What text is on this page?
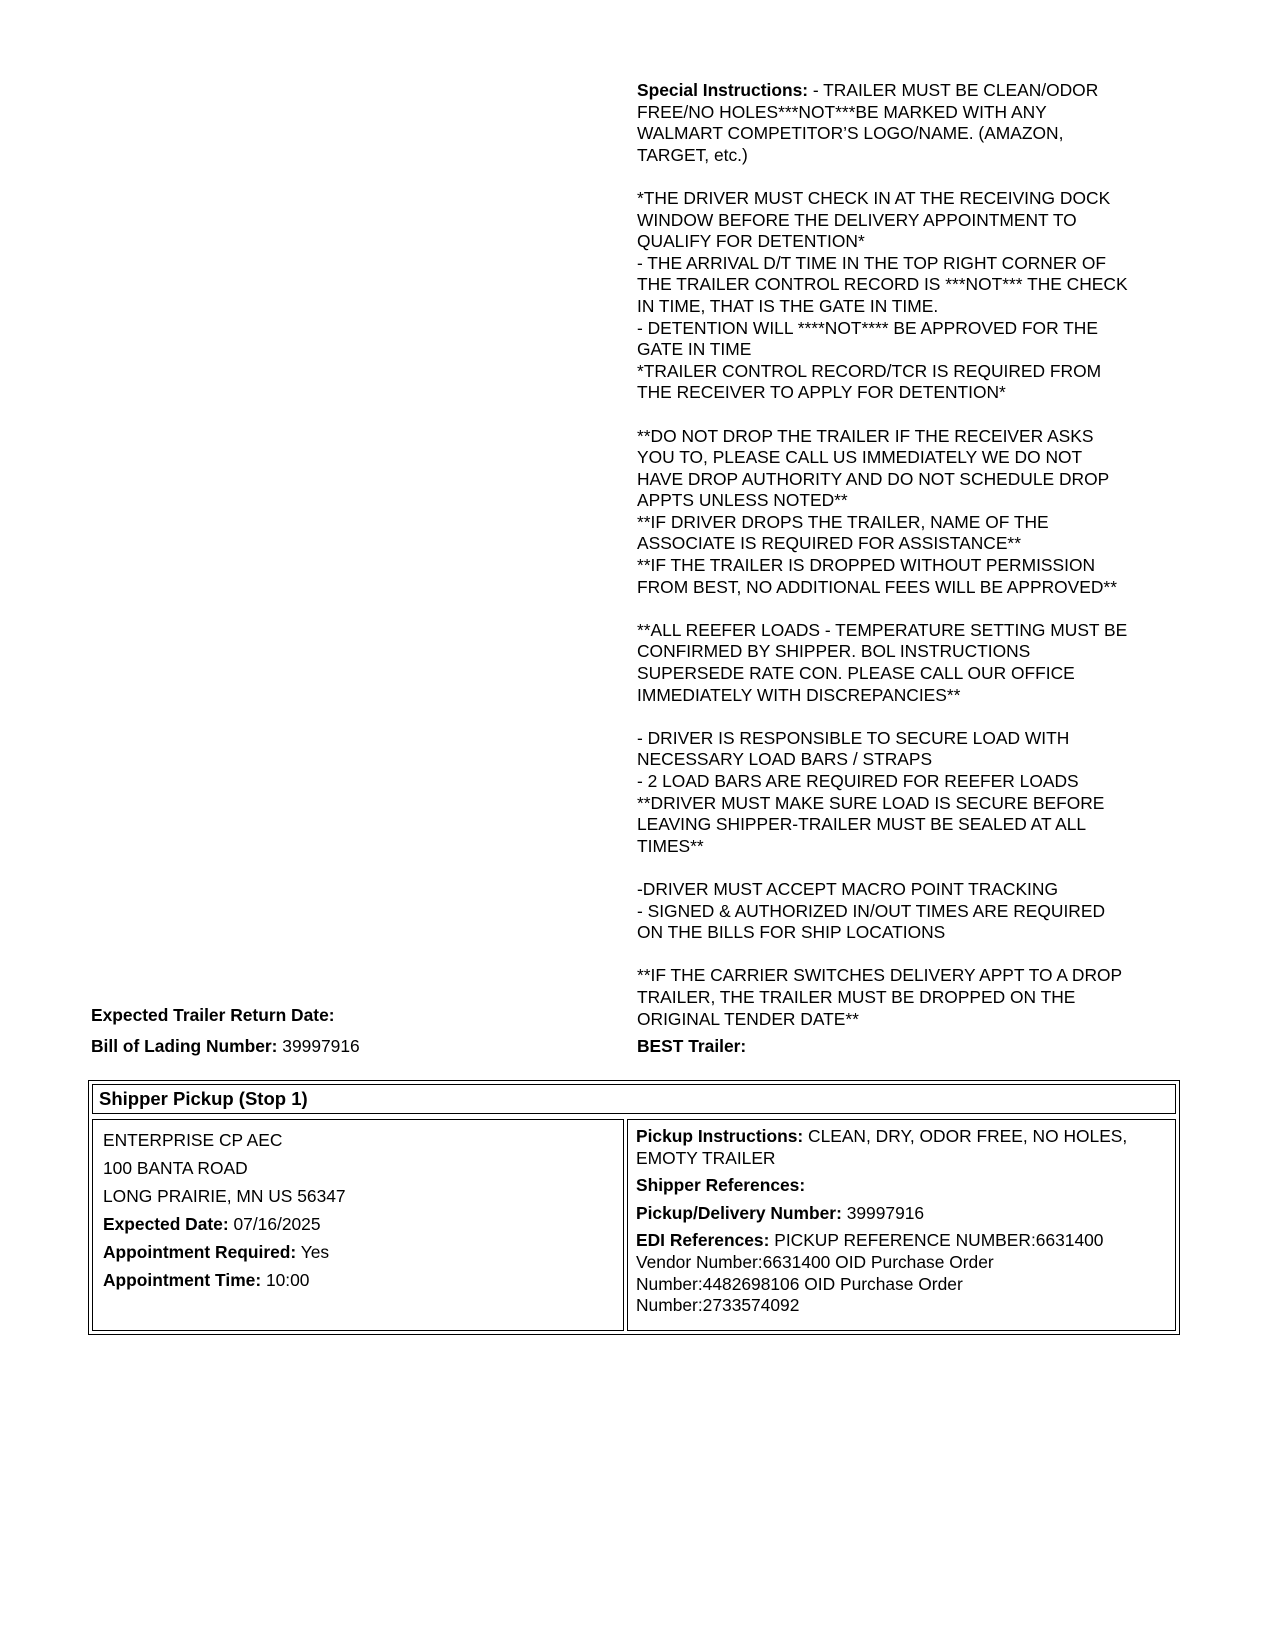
Special Instructions: - TRAILER MUST BE CLEAN/ODOR
FREE/NO HOLES***NOT***BE MARKED WITH ANY
WALMART COMPETITOR’S LOGO/NAME. (AMAZON,
TARGET, etc.)

*THE DRIVER MUST CHECK IN AT THE RECEIVING DOCK
WINDOW BEFORE THE DELIVERY APPOINTMENT TO
QUALIFY FOR DETENTION*
- THE ARRIVAL D/T TIME IN THE TOP RIGHT CORNER OF
THE TRAILER CONTROL RECORD IS ***NOT*** THE CHECK
IN TIME, THAT IS THE GATE IN TIME.
- DETENTION WILL ****NOT**** BE APPROVED FOR THE
GATE IN TIME
*TRAILER CONTROL RECORD/TCR IS REQUIRED FROM
THE RECEIVER TO APPLY FOR DETENTION*

**DO NOT DROP THE TRAILER IF THE RECEIVER ASKS
YOU TO, PLEASE CALL US IMMEDIATELY WE DO NOT
HAVE DROP AUTHORITY AND DO NOT SCHEDULE DROP
APPTS UNLESS NOTED**
**IF DRIVER DROPS THE TRAILER, NAME OF THE
ASSOCIATE IS REQUIRED FOR ASSISTANCE**
**IF THE TRAILER IS DROPPED WITHOUT PERMISSION
FROM BEST, NO ADDITIONAL FEES WILL BE APPROVED**

**ALL REEFER LOADS - TEMPERATURE SETTING MUST BE
CONFIRMED BY SHIPPER. BOL INSTRUCTIONS
SUPERSEDE RATE CON. PLEASE CALL OUR OFFICE
IMMEDIATELY WITH DISCREPANCIES**

- DRIVER IS RESPONSIBLE TO SECURE LOAD WITH
NECESSARY LOAD BARS / STRAPS
- 2 LOAD BARS ARE REQUIRED FOR REEFER LOADS
**DRIVER MUST MAKE SURE LOAD IS SECURE BEFORE
LEAVING SHIPPER-TRAILER MUST BE SEALED AT ALL
TIMES**

-DRIVER MUST ACCEPT MACRO POINT TRACKING
- SIGNED & AUTHORIZED IN/OUT TIMES ARE REQUIRED
ON THE BILLS FOR SHIP LOCATIONS

**IF THE CARRIER SWITCHES DELIVERY APPT TO A DROP
TRAILER, THE TRAILER MUST BE DROPPED ON THE
ORIGINAL TENDER DATE**

Expected Trailer Return Date:
Bill of Lading Number: 39997916	BEST Trailer:
Shipper Pickup (Stop 1)
ENTERPRISE CP AEC
100 BANTA ROAD
LONG PRAIRIE, MN US 56347
Expected Date: 07/16/2025
Appointment Required: Yes
Appointment Time: 10:00
Pickup Instructions: CLEAN, DRY, ODOR FREE, NO HOLES,
EMOTY TRAILER
Shipper References:
Pickup/Delivery Number: 39997916
EDI References: PICKUP REFERENCE NUMBER:6631400
Vendor Number:6631400 OID Purchase Order
Number:4482698106 OID Purchase Order
Number:2733574092
